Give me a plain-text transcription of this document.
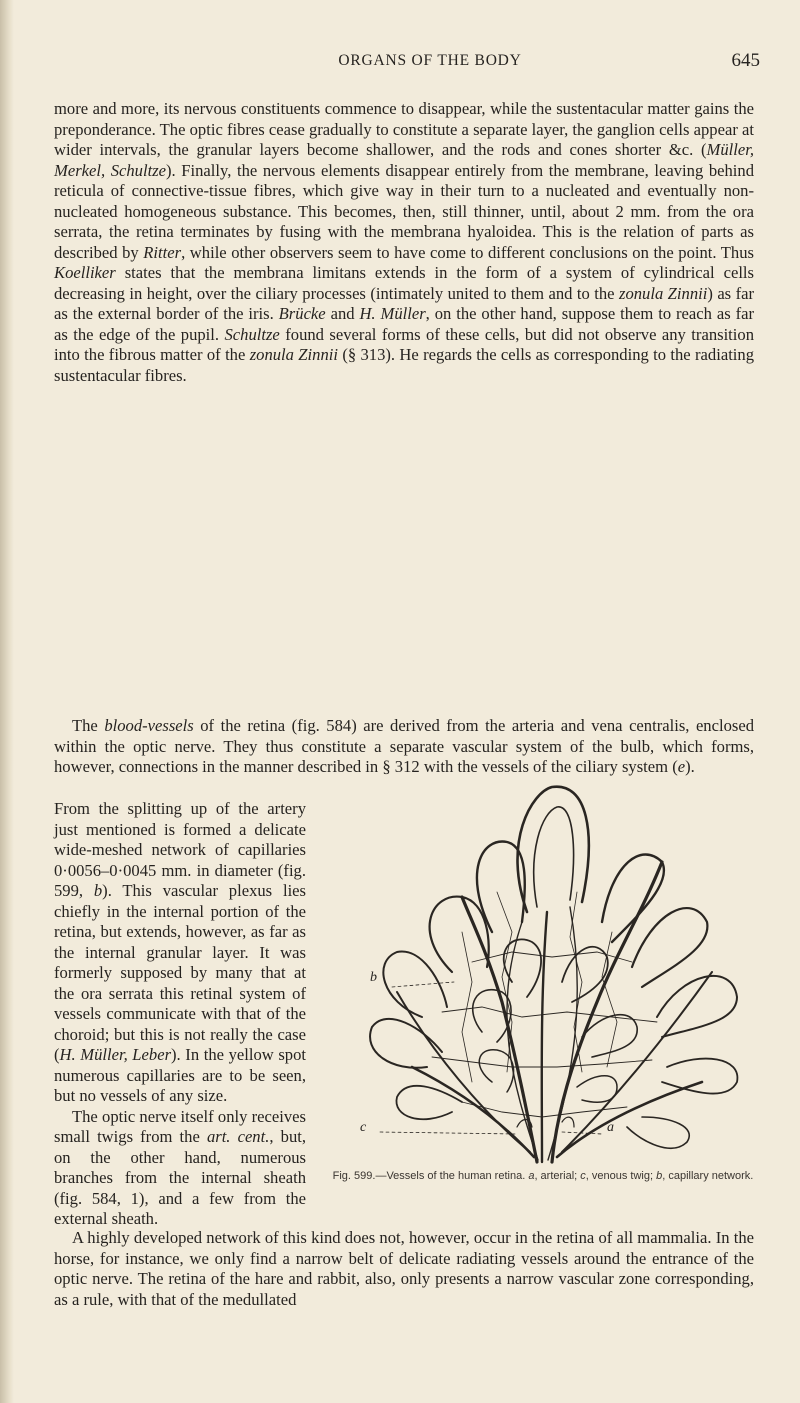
ORGANS OF THE BODY	645

more and more, its nervous constituents commence to disappear, while the sustentacular matter gains the preponderance. The optic fibres cease gradually to constitute a separate layer, the ganglion cells appear at wider intervals, the granular layers become shallower, and the rods and cones shorter &c. (Müller, Merkel, Schultze). Finally, the nervous elements disappear entirely from the membrane, leaving behind reticula of connective-tissue fibres, which give way in their turn to a nucleated and eventually non-nucleated homogeneous substance. This becomes, then, still thinner, until, about 2 mm. from the ora serrata, the retina terminates by fusing with the membrana hyaloidea. This is the relation of parts as described by Ritter, while other observers seem to have come to different conclusions on the point. Thus Koelliker states that the membrana limitans extends in the form of a system of cylindrical cells decreasing in height, over the ciliary processes (intimately united to them and to the zonula Zinnii) as far as the external border of the iris. Brücke and H. Müller, on the other hand, suppose them to reach as far as the edge of the pupil. Schultze found several forms of these cells, but did not observe any transition into the fibrous matter of the zonula Zinnii (§ 313). He regards the cells as corresponding to the radiating sustentacular fibres.

The blood-vessels of the retina (fig. 584) are derived from the arteria and vena centralis, enclosed within the optic nerve. They thus constitute a separate vascular system of the bulb, which forms, however, connections in the manner described in § 312 with the vessels of the ciliary system (e).

From the splitting up of the artery just mentioned is formed a delicate wide-meshed network of capillaries 0·0056–0·0045 mm. in diameter (fig. 599, b). This vascular plexus lies chiefly in the internal portion of the retina, but extends, however, as far as the internal granular layer. It was formerly supposed by many that at the ora serrata this retinal system of vessels communicate with that of the choroid; but this is not really the case (H. Müller, Leber). In the yellow spot numerous capillaries are to be seen, but no vessels of any size.
The optic nerve itself only receives small twigs from the art. cent., but, on the other hand, numerous branches from the internal sheath (fig. 584, 1), and a few from the external sheath.

b
c	a
Fig. 599.—Vessels of the human retina. a, arterial; c, venous twig; b, capillary network.

A highly developed network of this kind does not, however, occur in the retina of all mammalia. In the horse, for instance, we only find a narrow belt of delicate radiating vessels around the entrance of the optic nerve. The retina of the hare and rabbit, also, only presents a narrow vascular zone corresponding, as a rule, with that of the medullated
